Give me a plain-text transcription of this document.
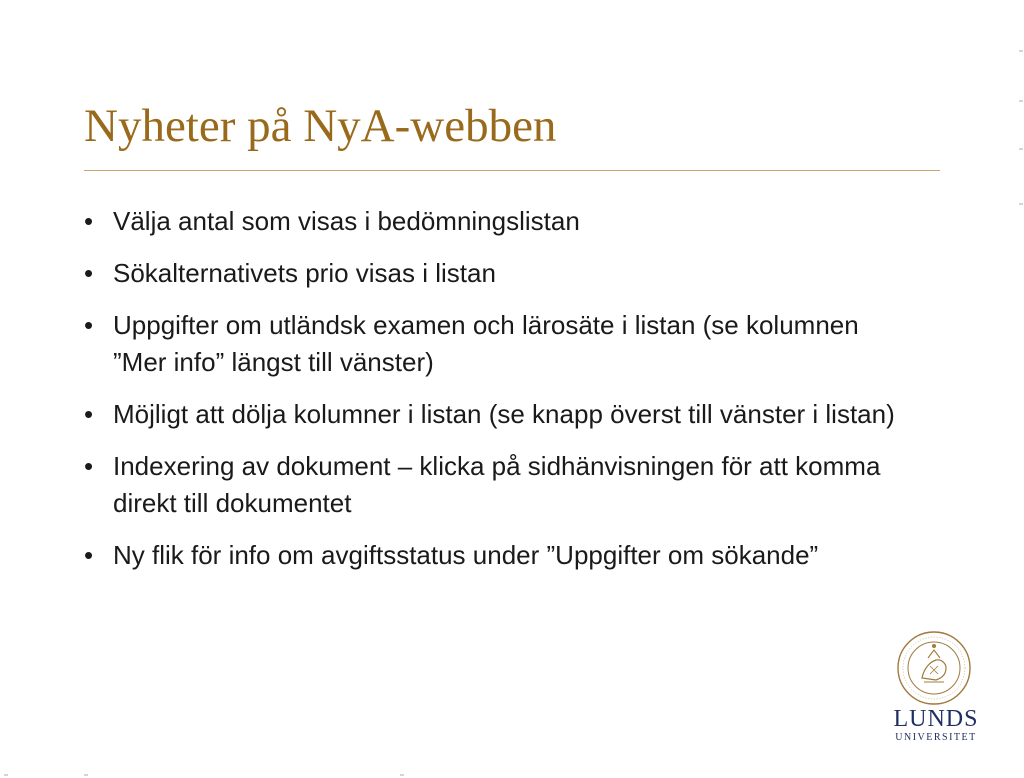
Nyheter på NyA-webben
• Välja antal som visas i bedömningslistan
• Sökalternativets prio visas i listan
• Uppgifter om utländsk examen och lärosäte i listan (se kolumnen ”Mer info” längst till vänster)
• Möjligt att dölja kolumner i listan (se knapp överst till vänster i listan)
• Indexering av dokument – klicka på sidhänvisningen för att komma direkt till dokumentet
• Ny flik för info om avgiftsstatus under ”Uppgifter om sökande”
LUNDS
UNIVERSITET
